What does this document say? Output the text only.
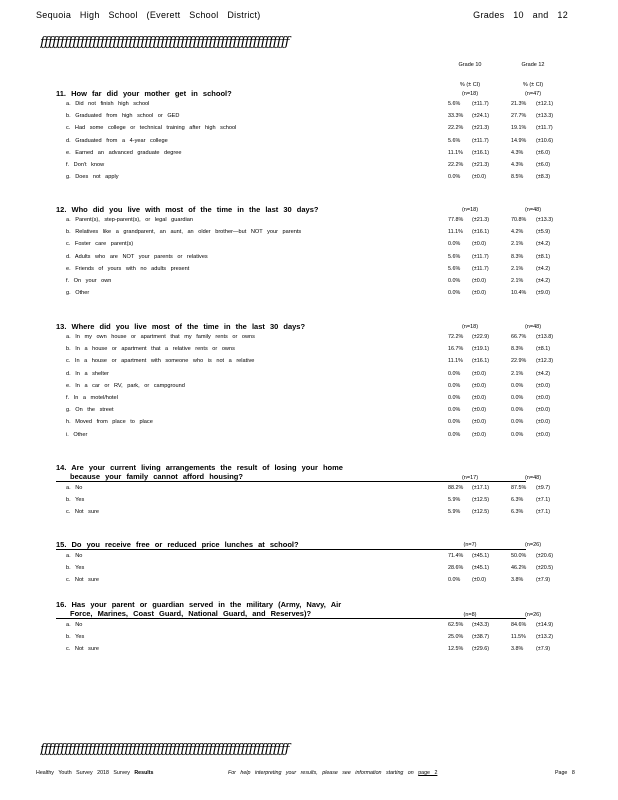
Sequoia High School (Everett School District)	Grades 10 and 12
ƒƒƒƒƒƒƒƒƒƒƒƒƒƒƒƒƒƒƒƒƒƒƒƒƒƒƒƒƒƒƒƒƒƒƒƒƒƒƒƒƒƒƒƒƒƒƒƒƒƒƒƒƒƒƒƒƒƒƒƒƒƒ
Grade 10	Grade 12
% (± CI)	% (± CI)
11. How far did your mother get in school?	(n=18)	(n=47)
a. Did not finish high school	5.6% (±11.7)	21.3% (±12.1)
b. Graduated from high school or GED	33.3% (±24.1)	27.7% (±13.3)
c. Had some college or technical training after high school	22.2% (±21.3)	19.1% (±11.7)
d. Graduated from a 4-year college	5.6% (±11.7)	14.9% (±10.6)
e. Earned an advanced graduate degree	11.1% (±16.1)	4.3% (±6.0)
f. Don't know	22.2% (±21.3)	4.3% (±6.0)
g. Does not apply	0.0% (±0.0)	8.5% (±8.3)
12. Who did you live with most of the time in the last 30 days?	(n=18)	(n=48)
a. Parent(s), step-parent(s), or legal guardian	77.8% (±21.3)	70.8% (±13.3)
b. Relatives like a grandparent, an aunt, an older brother—but NOT your parents	11.1% (±16.1)	4.2% (±5.9)
c. Foster care parent(s)	0.0% (±0.0)	2.1% (±4.2)
d. Adults who are NOT your parents or relatives	5.6% (±11.7)	8.3% (±8.1)
e. Friends of yours with no adults present	5.6% (±11.7)	2.1% (±4.2)
f. On your own	0.0% (±0.0)	2.1% (±4.2)
g. Other	0.0% (±0.0)	10.4% (±9.0)
13. Where did you live most of the time in the last 30 days?	(n=18)	(n=48)
a. In my own house or apartment that my family rents or owns	72.2% (±22.9)	66.7% (±13.8)
b. In a house or apartment that a relative rents or owns	16.7% (±19.1)	8.3% (±8.1)
c. In a house or apartment with someone who is not a relative	11.1% (±16.1)	22.9% (±12.3)
d. In a shelter	0.0% (±0.0)	2.1% (±4.2)
e. In a car or RV, park, or campground	0.0% (±0.0)	0.0% (±0.0)
f. In a motel/hotel	0.0% (±0.0)	0.0% (±0.0)
g. On the street	0.0% (±0.0)	0.0% (±0.0)
h. Moved from place to place	0.0% (±0.0)	0.0% (±0.0)
i. Other	0.0% (±0.0)	0.0% (±0.0)
14. Are your current living arrangements the result of losing your home
because your family cannot afford housing?	(n=17)	(n=48)
a. No	88.2% (±17.1)	87.5% (±9.7)
b. Yes	5.9% (±12.5)	6.3% (±7.1)
c. Not sure	5.9% (±12.5)	6.3% (±7.1)
15. Do you receive free or reduced price lunches at school?	(n=7)	(n=26)
a. No	71.4% (±45.1)	50.0% (±20.6)
b. Yes	28.6% (±45.1)	46.2% (±20.5)
c. Not sure	0.0% (±0.0)	3.8% (±7.9)
16. Has your parent or guardian served in the military (Army, Navy, Air
Force, Marines, Coast Guard, National Guard, and Reserves)?	(n=8)	(n=26)
a. No	62.5% (±43.3)	84.6% (±14.9)
b. Yes	25.0% (±38.7)	11.5% (±13.2)
c. Not sure	12.5% (±29.6)	3.8% (±7.9)
ƒƒƒƒƒƒƒƒƒƒƒƒƒƒƒƒƒƒƒƒƒƒƒƒƒƒƒƒƒƒƒƒƒƒƒƒƒƒƒƒƒƒƒƒƒƒƒƒƒƒƒƒƒƒƒƒƒƒƒƒƒƒ
Healthy Youth Survey 2018 Survey Results	For help interpreting your results, please see information starting on page 2	Page 8
